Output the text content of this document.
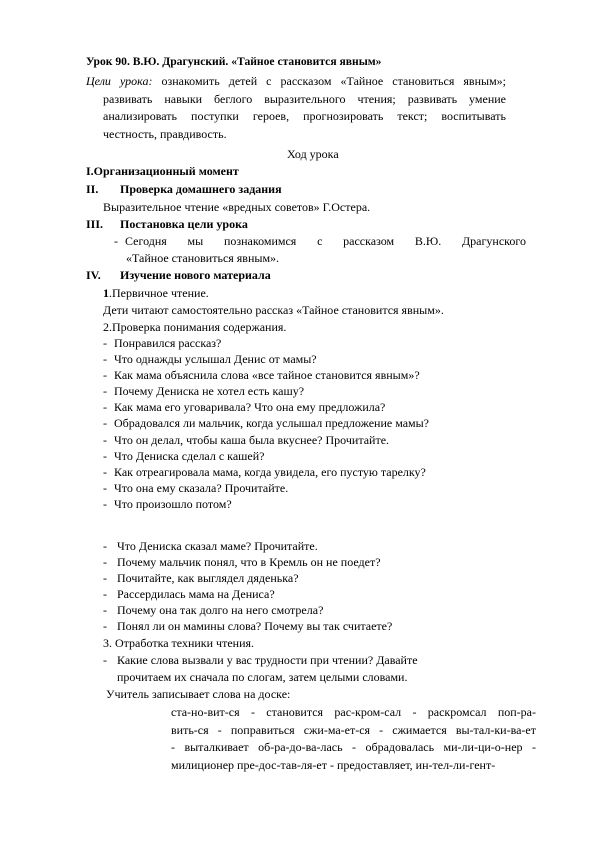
Урок 90. В.Ю. Драгунский. «Тайное становится явным»
Цели урока: ознакомить детей с рассказом «Тайное становиться явным»;
развивать навыки беглого выразительного чтения; развивать умение
анализировать поступки героев, прогнозировать текст; воспитывать
честность, правдивость.
Ход урока
I.Организационный момент
II. Проверка домашнего задания
Выразительное чтение «вредных советов» Г.Остера.
III. Постановка цели урока
- Сегодня мы познакомимся с рассказом В.Ю. Драгунского
«Тайное становиться явным».
IV. Изучение нового материала
1.Первичное чтение.
Дети читают самостоятельно рассказ «Тайное становится явным».
2.Проверка понимания содержания.
- Понравился рассказ?
- Что однажды услышал Денис от мамы?
- Как мама объяснила слова «все тайное становится явным»?
- Почему Дениска не хотел есть кашу?
- Как мама его уговаривала? Что она ему предложила?
- Обрадовался ли мальчик, когда услышал предложение мамы?
- Что он делал, чтобы каша была вкуснее? Прочитайте.
- Что Дениска сделал с кашей?
- Как отреагировала мама, когда увидела, его пустую тарелку?
- Что она ему сказала? Прочитайте.
- Что произошло потом?
- Что Дениска сказал маме? Прочитайте.
- Почему мальчик понял, что в Кремль он не поедет?
- Почитайте, как выглядел дяденька?
- Рассердилась мама на Дениса?
- Почему она так долго на него смотрела?
- Понял ли он мамины слова? Почему вы так считаете?
3. Отработка техники чтения.
- Какие слова вызвали у вас трудности при чтении? Давайте
прочитаем их сначала по слогам, затем целыми словами.
Учитель записывает слова на доске:
ста-но-вит-ся - становится рас-кром-сал - раскромсал поп-ра-
вить-ся - поправиться сжи-ма-ет-ся - сжимается вы-тал-ки-ва-ет
- выталкивает об-ра-до-ва-лась - обрадовалась ми-ли-ци-о-нер -
милиционер пре-дос-тав-ля-ет - предоставляет, ин-тел-ли-гент-
